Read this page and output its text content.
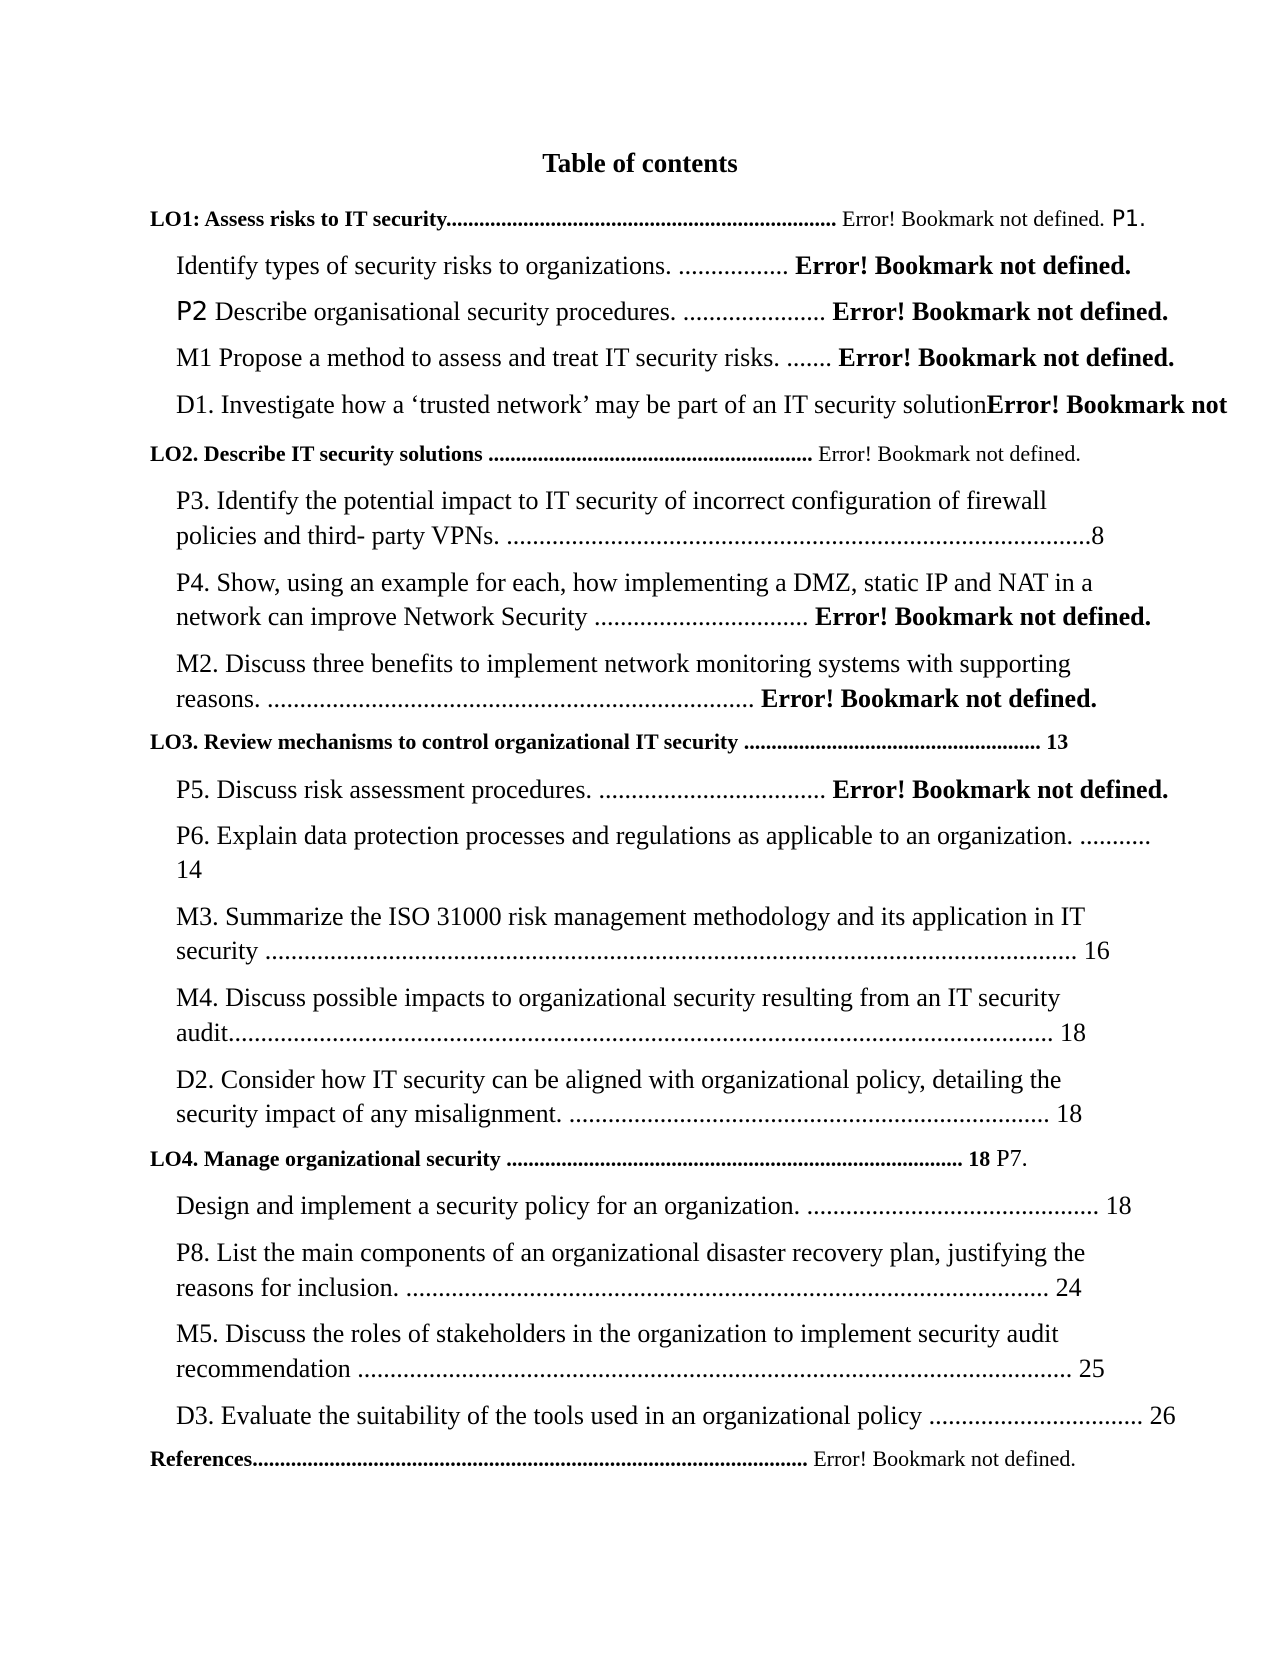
Table of contents
LO1: Assess risks to IT security....................................................................... Error! Bookmark not defined. P1.
Identify types of security risks to organizations. ................. Error! Bookmark not defined.
P2 Describe organisational security procedures. ...................... Error! Bookmark not defined.
M1 Propose a method to assess and treat IT security risks. ....... Error! Bookmark not defined.
D1. Investigate how a ‘trusted network’ may be part of an IT security solutionError! Bookmark not
LO2. Describe IT security solutions ........................................................... Error! Bookmark not defined.
P3. Identify the potential impact to IT security of incorrect configuration of firewall
policies and third- party VPNs. ..........................................................................................8
P4. Show, using an example for each, how implementing a DMZ, static IP and NAT in a
network can improve Network Security ................................. Error! Bookmark not defined.
M2. Discuss three benefits to implement network monitoring systems with supporting
reasons. ........................................................................... Error! Bookmark not defined.
LO3. Review mechanisms to control organizational IT security ...................................................... 13
P5. Discuss risk assessment procedures. ................................... Error! Bookmark not defined.
P6. Explain data protection processes and regulations as applicable to an organization. ...........
14
M3. Summarize the ISO 31000 risk management methodology and its application in IT
security ............................................................................................................................. 16
M4. Discuss possible impacts to organizational security resulting from an IT security
audit............................................................................................................................... 18
D2. Consider how IT security can be aligned with organizational policy, detailing the
security impact of any misalignment. .......................................................................... 18
LO4. Manage organizational security ................................................................................... 18 P7.
Design and implement a security policy for an organization. ............................................. 18
P8. List the main components of an organizational disaster recovery plan, justifying the
reasons for inclusion. ................................................................................................... 24
M5. Discuss the roles of stakeholders in the organization to implement security audit
recommendation .............................................................................................................. 25
D3. Evaluate the suitability of the tools used in an organizational policy ................................. 26
References..................................................................................................... Error! Bookmark not defined.
